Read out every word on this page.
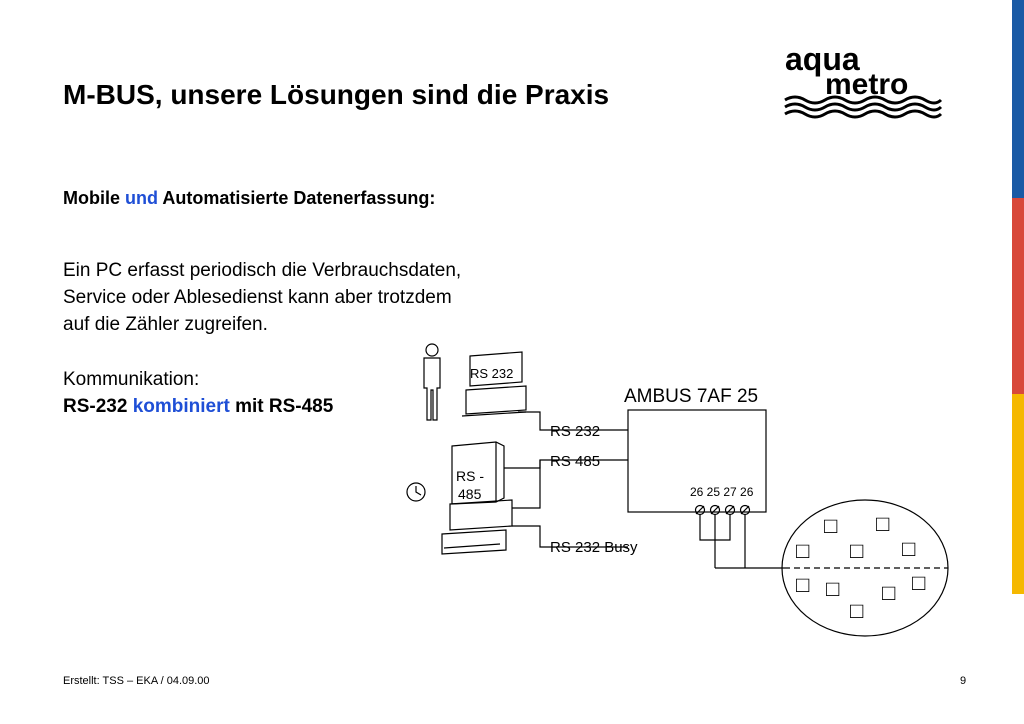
M-BUS, unsere Lösungen sind die Praxis
aqua
metro
Mobile und Automatisierte Datenerfassung:

Ein PC erfasst periodisch die Verbrauchsdaten,

Service oder Ablesedienst kann aber trotzdem

auf die Zähler zugreifen.

Kommunikation:

RS-232 kombiniert mit RS-485	AMBUS 7AF 25
RS 232
RS 485
RS 232 Busy
RS 232
RS -
485	26 25 27 26
□ □
□ □ □
□ □ □ □
□
Erstellt: TSS – EKA / 04.09.00	9
